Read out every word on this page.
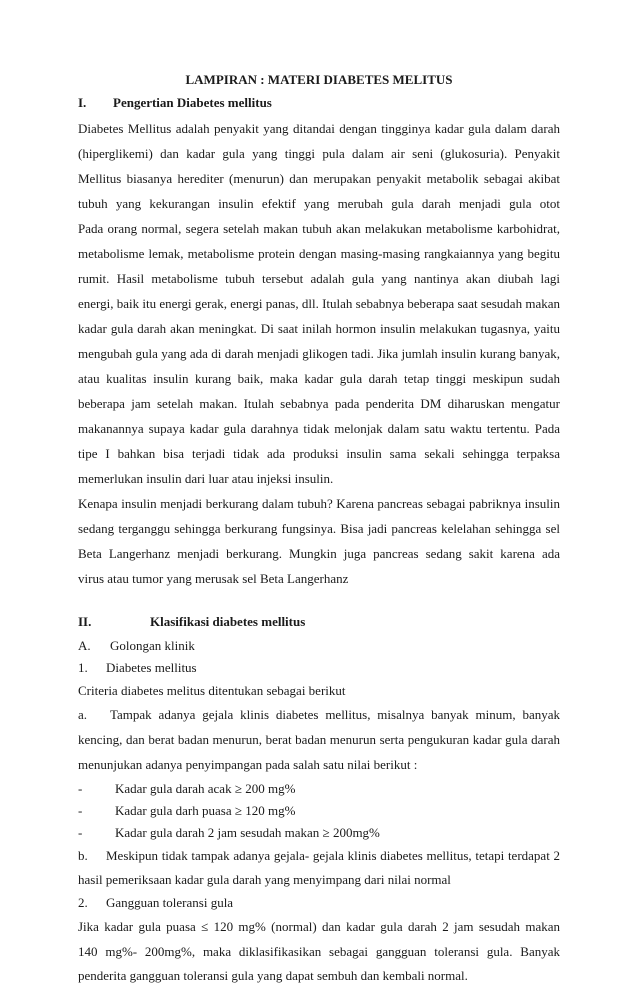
LAMPIRAN : MATERI DIABETES MELITUS
I. Pengertian Diabetes mellitus
Diabetes Mellitus adalah penyakit yang ditandai dengan tingginya kadar gula dalam darah
(hiperglikemi) dan kadar gula yang tinggi pula dalam air seni (glukosuria). Penyakit
Mellitus biasanya herediter (menurun) dan merupakan penyakit metabolik sebagai akibat
tubuh yang kekurangan insulin efektif yang merubah gula darah menjadi gula otot
Pada orang normal, segera setelah makan tubuh akan melakukan metabolisme karbohidrat,
metabolisme lemak, metabolisme protein dengan masing-masing rangkaiannya yang begitu
rumit. Hasil metabolisme tubuh tersebut adalah gula yang nantinya akan diubah lagi
energi, baik itu energi gerak, energi panas, dll. Itulah sebabnya beberapa saat sesudah makan
kadar gula darah akan meningkat. Di saat inilah hormon insulin melakukan tugasnya, yaitu
mengubah gula yang ada di darah menjadi glikogen tadi. Jika jumlah insulin kurang banyak,
atau kualitas insulin kurang baik, maka kadar gula darah tetap tinggi meskipun sudah
beberapa jam setelah makan. Itulah sebabnya pada penderita DM diharuskan mengatur
makanannya supaya kadar gula darahnya tidak melonjak dalam satu waktu tertentu. Pada
tipe I bahkan bisa terjadi tidak ada produksi insulin sama sekali sehingga terpaksa
memerlukan insulin dari luar atau injeksi insulin.
Kenapa insulin menjadi berkurang dalam tubuh? Karena pancreas sebagai pabriknya insulin
sedang terganggu sehingga berkurang fungsinya. Bisa jadi pancreas kelelahan sehingga sel
Beta Langerhanz menjadi berkurang. Mungkin juga pancreas sedang sakit karena ada
virus atau tumor yang merusak sel Beta Langerhanz
II.	Klasifikasi diabetes mellitus
A. Golongan klinik
1. Diabetes mellitus
Criteria diabetes melitus ditentukan sebagai berikut
a. Tampak adanya gejala klinis diabetes mellitus, misalnya banyak minum, banyak
kencing, dan berat badan menurun, berat badan menurun serta pengukuran kadar gula darah
menunjukan adanya penyimpangan pada salah satu nilai berikut :
-	Kadar gula darah acak ≥ 200 mg%
-	Kadar gula darh puasa ≥ 120 mg%
-	Kadar gula darah 2 jam sesudah makan ≥ 200mg%
b. Meskipun tidak tampak adanya gejala- gejala klinis diabetes mellitus, tetapi terdapat 2
hasil pemeriksaan kadar gula darah yang menyimpang dari nilai normal
2. Gangguan toleransi gula
Jika kadar gula puasa ≤ 120 mg% (normal) dan kadar gula darah 2 jam sesudah makan
140 mg%- 200mg%, maka diklasifikasikan sebagai gangguan toleransi gula. Banyak
penderita gangguan toleransi gula yang dapat sembuh dan kembali normal.
